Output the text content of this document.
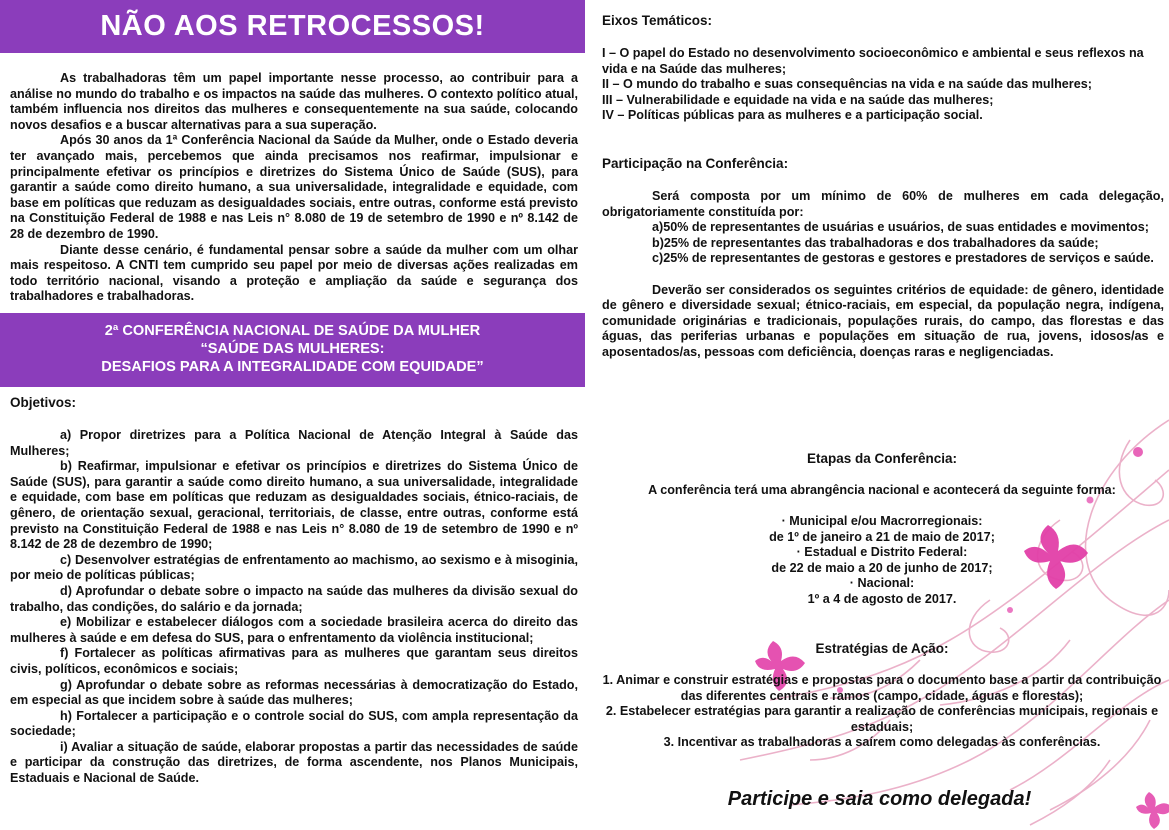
NÃO AOS RETROCESSOS!

As trabalhadoras têm um papel importante nesse processo, ao contribuir para a análise no mundo do trabalho e os impactos na saúde das mulheres. O contexto político atual, também influencia nos direitos das mulheres e consequentemente na sua saúde, colocando novos desafios e a buscar alternativas para a sua superação.

Após 30 anos da 1ª Conferência Nacional da Saúde da Mulher, onde o Estado deveria ter avançado mais, percebemos que ainda precisamos nos reafirmar, impulsionar e principalmente efetivar os princípios e diretrizes do Sistema Único de Saúde (SUS), para garantir a saúde como direito humano, a sua universalidade, integralidade e equidade, com base em políticas que reduzam as desigualdades sociais, entre outras, conforme está previsto na Constituição Federal de 1988 e nas Leis n° 8.080 de 19 de setembro de 1990 e nº 8.142 de 28 de dezembro de 1990.

Diante desse cenário, é fundamental pensar sobre a saúde da mulher com um olhar mais respeitoso. A CNTI tem cumprido seu papel por meio de diversas ações realizadas em todo território nacional, visando a proteção e ampliação da saúde e segurança dos trabalhadores e trabalhadoras.

2ª CONFERÊNCIA NACIONAL DE SAÚDE DA MULHER
“SAÚDE DAS MULHERES:
DESAFIOS PARA A INTEGRALIDADE COM EQUIDADE”
Objetivos:

a) Propor diretrizes para a Política Nacional de Atenção Integral à Saúde das Mulheres;

b) Reafirmar, impulsionar e efetivar os princípios e diretrizes do Sistema Único de Saúde (SUS), para garantir a saúde como direito humano, a sua universalidade, integralidade e equidade, com base em políticas que reduzam as desigualdades sociais, étnico-raciais, de gênero, de orientação sexual, geracional, territoriais, de classe, entre outras, conforme está previsto na Constituição Federal de 1988 e nas Leis n° 8.080 de 19 de setembro de 1990 e nº 8.142 de 28 de dezembro de 1990;

c) Desenvolver estratégias de enfrentamento ao machismo, ao sexismo e à misoginia, por meio de políticas públicas;

d) Aprofundar o debate sobre o impacto na saúde das mulheres da divisão sexual do trabalho, das condições, do salário e da jornada;

e) Mobilizar e estabelecer diálogos com a sociedade brasileira acerca do direito das mulheres à saúde e em defesa do SUS, para o enfrentamento da violência institucional;

f) Fortalecer as políticas afirmativas para as mulheres que garantam seus direitos civis, políticos, econômicos e sociais;

g) Aprofundar o debate sobre as reformas necessárias à democratização do Estado, em especial as que incidem sobre à saúde das mulheres;

h) Fortalecer a participação e o controle social do SUS, com ampla representação da sociedade;

i) Avaliar a situação de saúde, elaborar propostas a partir das necessidades de saúde e participar da construção das diretrizes, de forma ascendente, nos Planos Municipais, Estaduais e Nacional de Saúde.

Eixos Temáticos:

I – O papel do Estado no desenvolvimento socioeconômico e ambiental e seus reflexos na vida e na Saúde das mulheres;

II – O mundo do trabalho e suas consequências na vida e na saúde das mulheres;

III – Vulnerabilidade e equidade na vida e na saúde das mulheres;

IV – Políticas públicas para as mulheres e a participação social.

Participação na Conferência:

Será composta por um mínimo de 60% de mulheres em cada delegação, obrigatoriamente constituída por:

a)50% de representantes de usuárias e usuários, de suas entidades e movimentos;

b)25% de representantes das trabalhadoras e dos trabalhadores da saúde;

c)25% de representantes de gestoras e gestores e prestadores de serviços e saúde.

Deverão ser considerados os seguintes critérios de equidade: de gênero, identidade de gênero e diversidade sexual; étnico-raciais, em especial, da população negra, indígena, comunidade originárias e tradicionais, populações rurais, do campo, das florestas e das águas, das periferias urbanas e populações em situação de rua, jovens, idosos/as e aposentados/as, pessoas com deficiência, doenças raras e negligenciadas.

Etapas da Conferência:
A conferência terá uma abrangência nacional e acontecerá da seguinte forma:

· Municipal e/ou Macrorregionais:

de 1º de janeiro a 21 de maio de 2017;

· Estadual e Distrito Federal:

de 22 de maio a 20 de junho de 2017;

· Nacional:

1º a 4 de agosto de 2017.

Estratégias de Ação:

1. Animar e construir estratégias e propostas para o documento base a partir da contribuição das diferentes centrais e ramos (campo, cidade, águas e florestas);

2. Estabelecer estratégias para garantir a realização de conferências municipais, regionais e estaduais;

3. Incentivar as trabalhadoras a saírem como delegadas às conferências.

Participe e saia como delegada!
